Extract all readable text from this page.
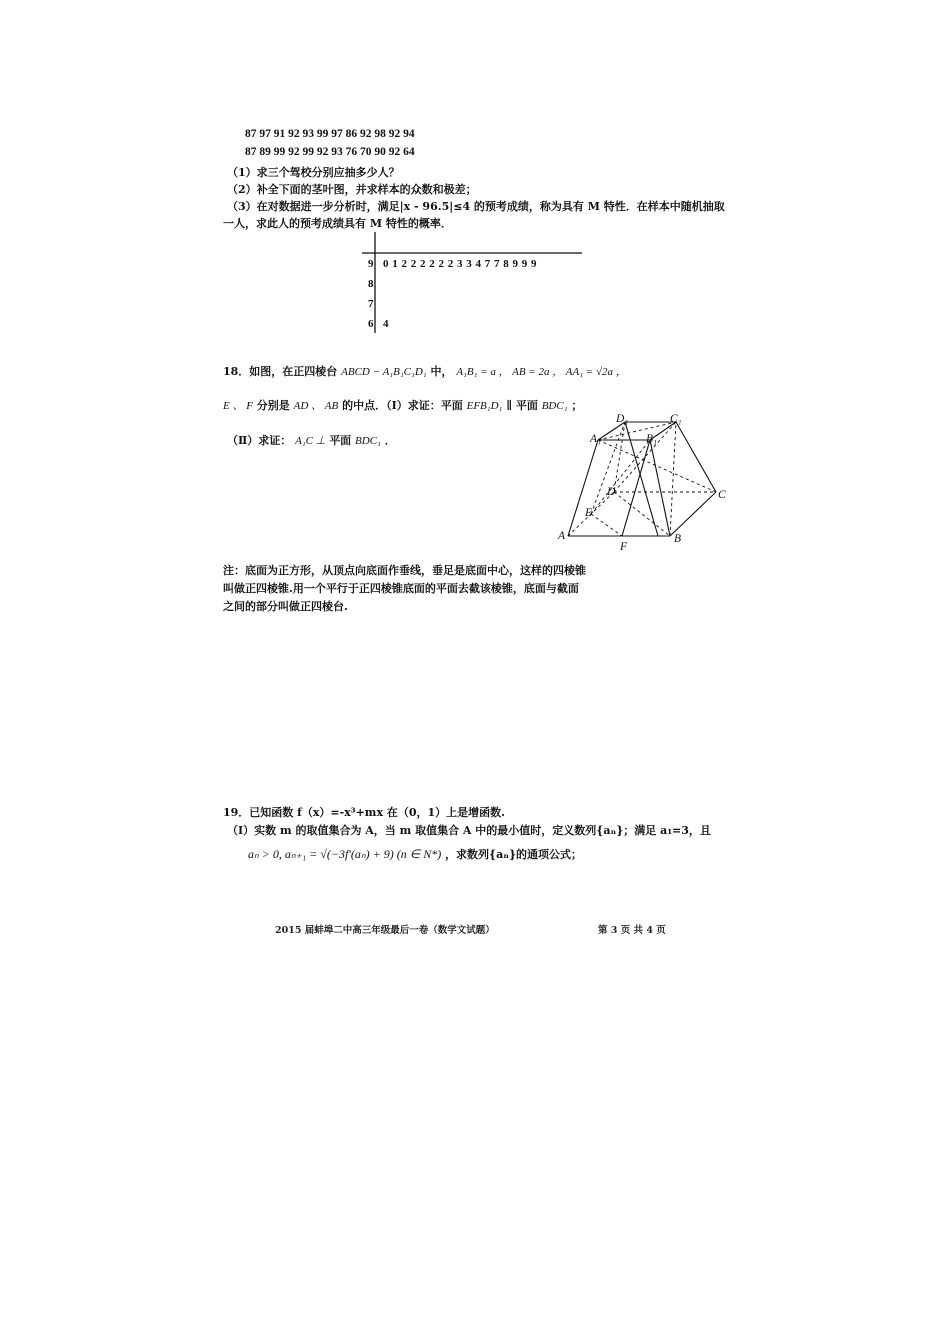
87 97 91 92 93 99 97 86 92 98 92 94
87 89 99 92 99 92 93 76 70 90 92 64
（1）求三个驾校分别应抽多少人？
（2）补全下面的茎叶图，并求样本的众数和极差；
（3）在对数据进一步分析时，满足|x - 96.5|≤4 的预考成绩，称为具有 M 特性．在样本中随机抽取
一人，求此人的预考成绩具有 M 特性的概率．
9 0 1 2 2 2 2 2 2 3 3 4 7 7 8 9 9 9
8
7
6 4
18．如图，在正四棱台 ABCD − A₁B₁C₁D₁ 中， A₁B₁ = a ， AB = 2a ， AA₁ = √2a ，
E 、 F 分别是 AD 、 AB 的中点．（Ⅰ）求证：平面 EFB₁D₁ ∥ 平面 BDC₁ ；
（Ⅱ）求证： A₁C ⊥ 平面 BDC₁ ．
D₁	C₁
A₁	B₁
D	C
E
A
F
B
注：底面为正方形，从顶点向底面作垂线，垂足是底面中心，这样的四棱锥
叫做正四棱锥.用一个平行于正四棱锥底面的平面去截该棱锥，底面与截面
之间的部分叫做正四棱台.
19．已知函数 f（x）=-x³+mx 在（0，1）上是增函数.
（Ⅰ）实数 m 的取值集合为 A，当 m 取值集合 A 中的最小值时，定义数列{aₙ}；满足 a₁=3，且
aₙ > 0, aₙ₊₁ = √(−3f′(aₙ) + 9) (n ∈ N*) ，求数列{aₙ}的通项公式；
2015 届蚌埠二中高三年级最后一卷（数学文试题）	第 3 页 共 4 页
